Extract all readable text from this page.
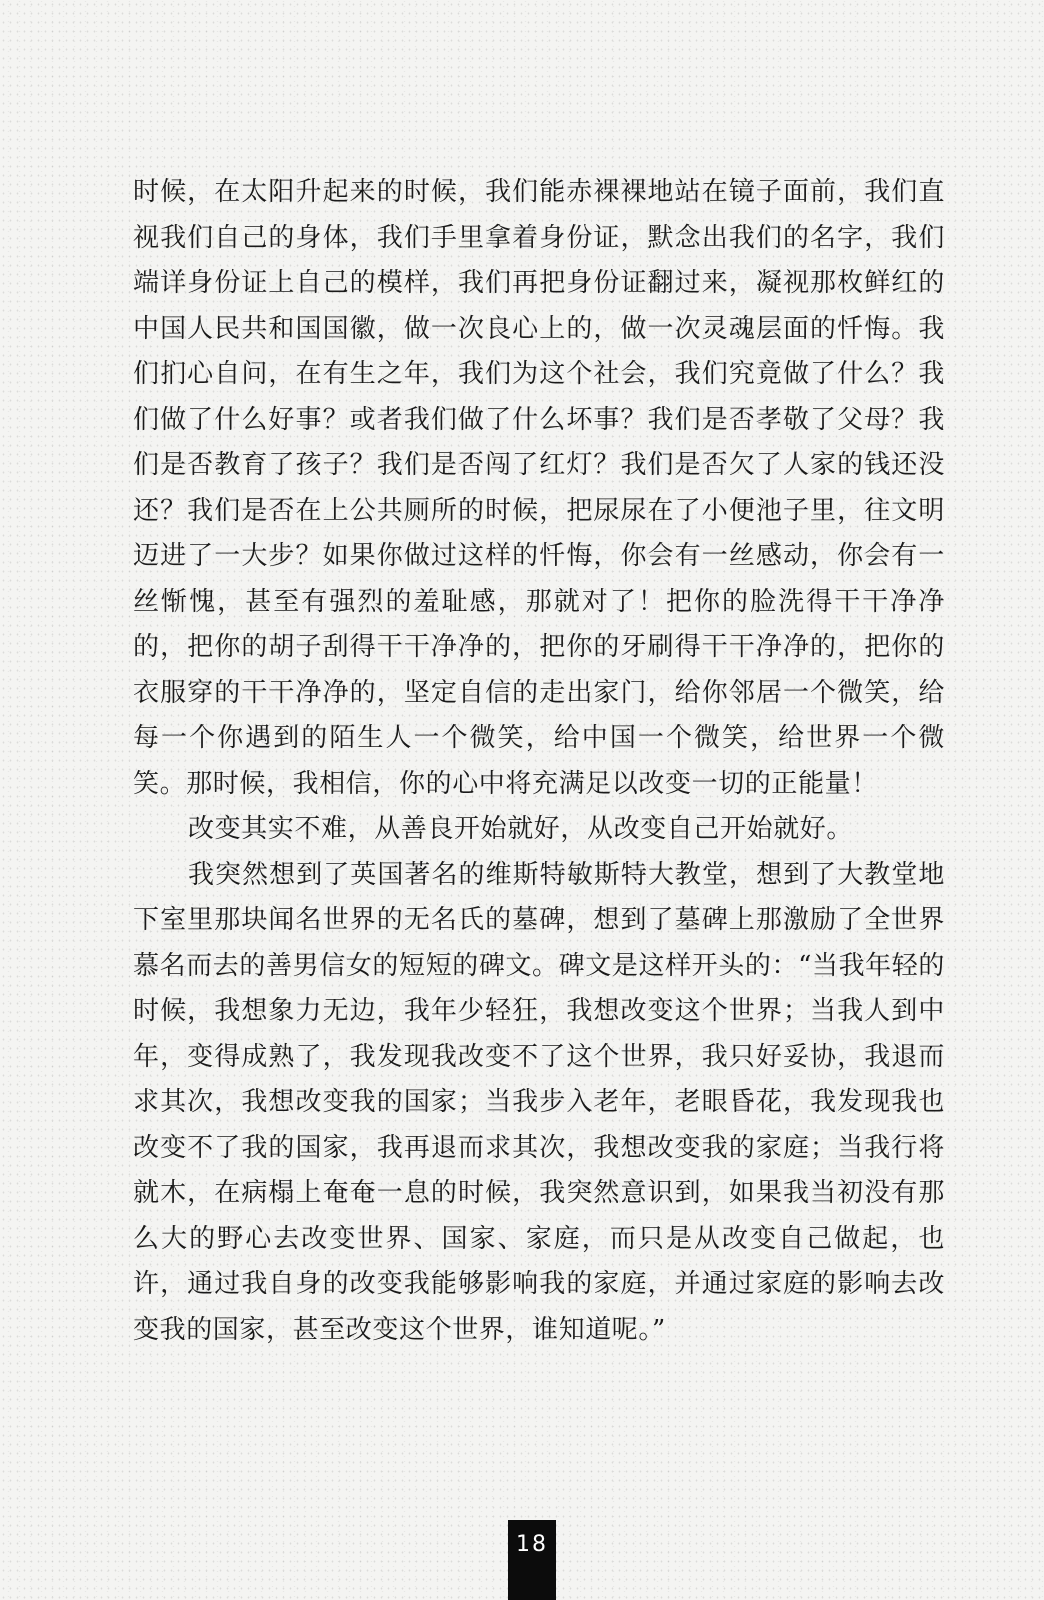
时候，在太阳升起来的时候，我们能赤裸裸地站在镜子面前，我们直视我们自己的身体，我们手里拿着身份证，默念出我们的名字，我们端详身份证上自己的模样，我们再把身份证翻过来，凝视那枚鲜红的中国人民共和国国徽，做一次良心上的，做一次灵魂层面的忏悔。我们扪心自问，在有生之年，我们为这个社会，我们究竟做了什么？我们做了什么好事？或者我们做了什么坏事？我们是否孝敬了父母？我们是否教育了孩子？我们是否闯了红灯？我们是否欠了人家的钱还没还？我们是否在上公共厕所的时候，把尿尿在了小便池子里，往文明迈进了一大步？如果你做过这样的忏悔，你会有一丝感动，你会有一丝惭愧，甚至有强烈的羞耻感，那就对了！把你的脸洗得干干净净的，把你的胡子刮得干干净净的，把你的牙刷得干干净净的，把你的衣服穿的干干净净的，坚定自信的走出家门，给你邻居一个微笑，给每一个你遇到的陌生人一个微笑，给中国一个微笑，给世界一个微笑。那时候，我相信，你的心中将充满足以改变一切的正能量！

改变其实不难，从善良开始就好，从改变自己开始就好。

我突然想到了英国著名的维斯特敏斯特大教堂，想到了大教堂地下室里那块闻名世界的无名氏的墓碑，想到了墓碑上那激励了全世界慕名而去的善男信女的短短的碑文。碑文是这样开头的：“当我年轻的时候，我想象力无边，我年少轻狂，我想改变这个世界；当我人到中年，变得成熟了，我发现我改变不了这个世界，我只好妥协，我退而求其次，我想改变我的国家；当我步入老年，老眼昏花，我发现我也改变不了我的国家，我再退而求其次，我想改变我的家庭；当我行将就木，在病榻上奄奄一息的时候，我突然意识到，如果我当初没有那么大的野心去改变世界、国家、家庭，而只是从改变自己做起，也许，通过我自身的改变我能够影响我的家庭，并通过家庭的影响去改变我的国家，甚至改变这个世界，谁知道呢。”

18
